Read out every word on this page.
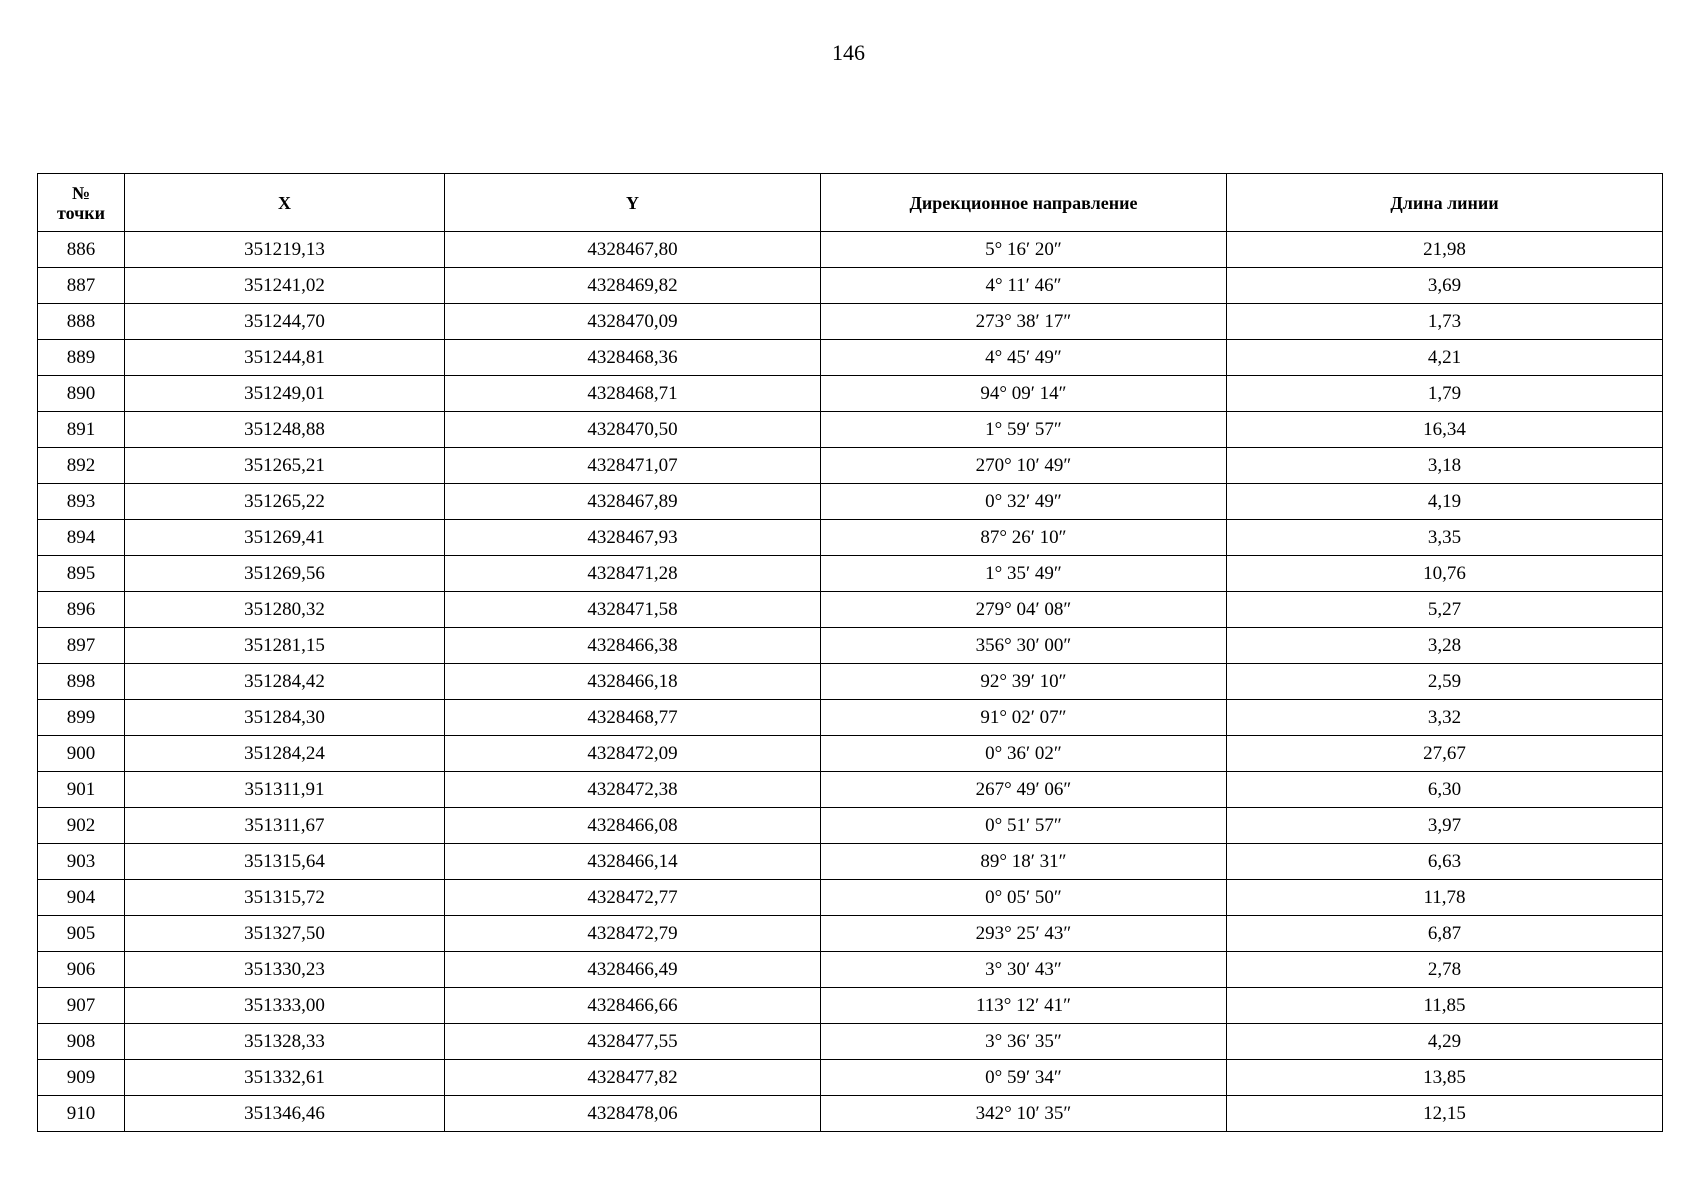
146
№
точки	X	Y	Дирекционное направление	Длина линии
886	351219,13	4328467,80	5° 16′ 20″	21,98
887	351241,02	4328469,82	4° 11′ 46″	3,69
888	351244,70	4328470,09	273° 38′ 17″	1,73
889	351244,81	4328468,36	4° 45′ 49″	4,21
890	351249,01	4328468,71	94° 09′ 14″	1,79
891	351248,88	4328470,50	1° 59′ 57″	16,34
892	351265,21	4328471,07	270° 10′ 49″	3,18
893	351265,22	4328467,89	0° 32′ 49″	4,19
894	351269,41	4328467,93	87° 26′ 10″	3,35
895	351269,56	4328471,28	1° 35′ 49″	10,76
896	351280,32	4328471,58	279° 04′ 08″	5,27
897	351281,15	4328466,38	356° 30′ 00″	3,28
898	351284,42	4328466,18	92° 39′ 10″	2,59
899	351284,30	4328468,77	91° 02′ 07″	3,32
900	351284,24	4328472,09	0° 36′ 02″	27,67
901	351311,91	4328472,38	267° 49′ 06″	6,30
902	351311,67	4328466,08	0° 51′ 57″	3,97
903	351315,64	4328466,14	89° 18′ 31″	6,63
904	351315,72	4328472,77	0° 05′ 50″	11,78
905	351327,50	4328472,79	293° 25′ 43″	6,87
906	351330,23	4328466,49	3° 30′ 43″	2,78
907	351333,00	4328466,66	113° 12′ 41″	11,85
908	351328,33	4328477,55	3° 36′ 35″	4,29
909	351332,61	4328477,82	0° 59′ 34″	13,85
910	351346,46	4328478,06	342° 10′ 35″	12,15
